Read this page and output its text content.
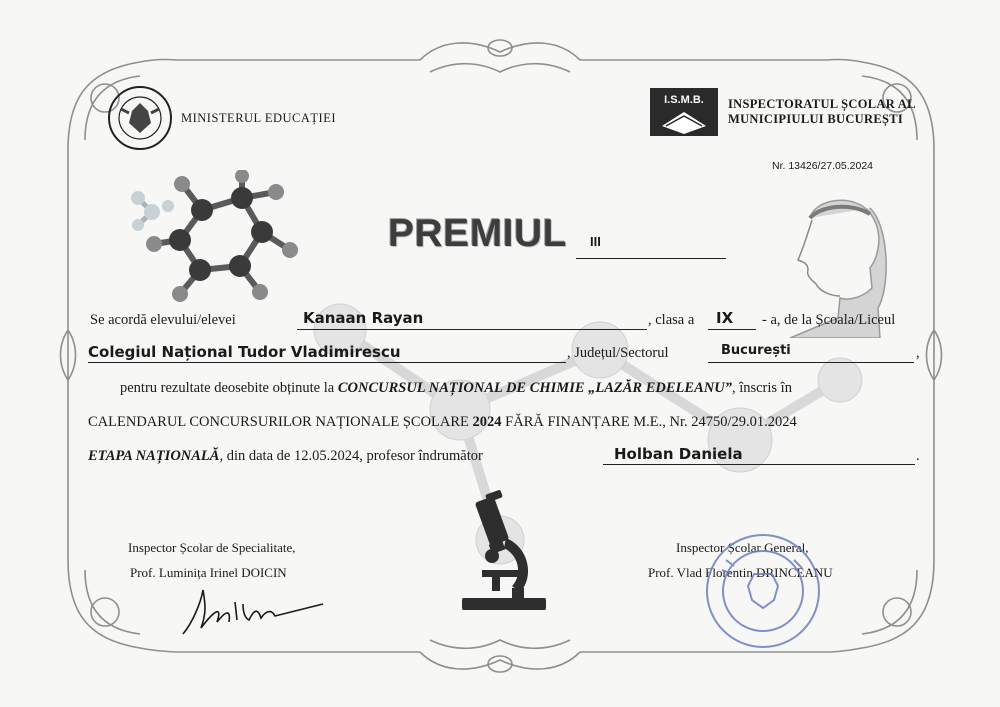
MINISTERUL EDUCAȚIEI
I.S.M.B. INSPECTORATUL ȘCOLAR AL
MUNICIPIULUI BUCUREȘTI
Nr. 13426/27.05.2024
PREMIUL III
Se acordă elevului/elevei	Kanaan Rayan	, clasa a IX - a, de la Școala/Liceul
Colegiul Național Tudor Vladimirescu	, Județul/Sectorul	București	,
pentru rezultate deosebite obținute la CONCURSUL NAȚIONAL DE CHIMIE „LAZĂR EDELEANU”, înscris în
CALENDARUL CONCURSURILOR NAȚIONALE ȘCOLARE 2024 FĂRĂ FINANȚARE M.E., Nr. 24750/29.01.2024
ETAPA NAȚIONALĂ, din data de 12.05.2024, profesor îndrumător	Holban Daniela	.
Inspector Școlar de Specialitate,
Prof. Luminița Irinel DOICIN
Inspector Școlar General,
Prof. Vlad Florentin DRINCEANU
